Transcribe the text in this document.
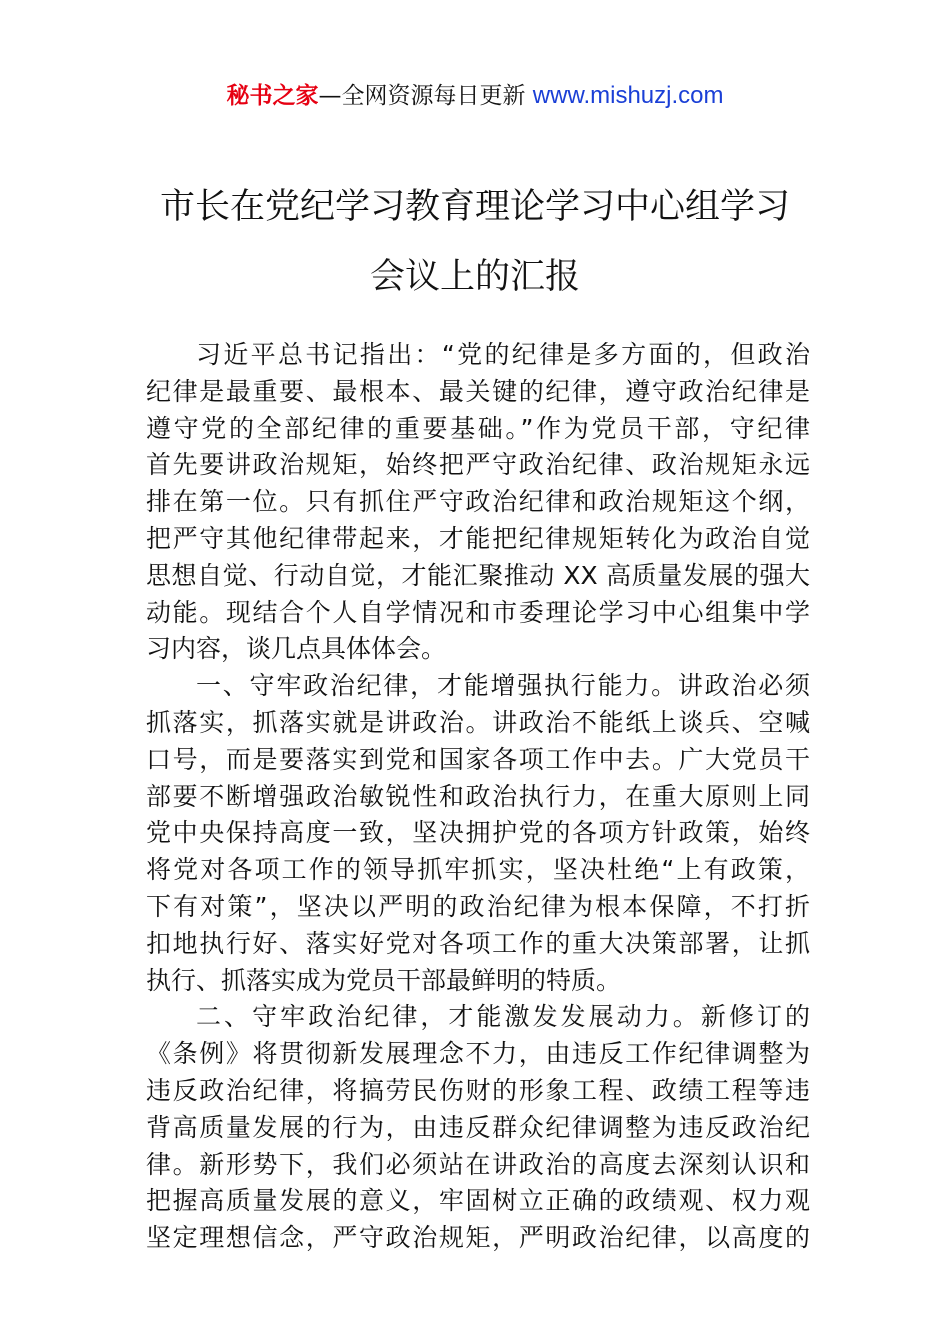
秘书之家—全网资源每日更新 www.mishuzj.com
市长在党纪学习教育理论学习中心组学习
会议上的汇报
习近平总书记指出：“党的纪律是多方面的，但政治
纪律是最重要、最根本、最关键的纪律，遵守政治纪律是
遵守党的全部纪律的重要基础。”作为党员干部，守纪律
首先要讲政治规矩，始终把严守政治纪律、政治规矩永远
排在第一位。只有抓住严守政治纪律和政治规矩这个纲，
把严守其他纪律带起来，才能把纪律规矩转化为政治自觉
思想自觉、行动自觉，才能汇聚推动 XX 高质量发展的强大
动能。现结合个人自学情况和市委理论学习中心组集中学
习内容，谈几点具体体会。
一、守牢政治纪律，才能增强执行能力。讲政治必须
抓落实，抓落实就是讲政治。讲政治不能纸上谈兵、空喊
口号，而是要落实到党和国家各项工作中去。广大党员干
部要不断增强政治敏锐性和政治执行力，在重大原则上同
党中央保持高度一致，坚决拥护党的各项方针政策，始终
将党对各项工作的领导抓牢抓实，坚决杜绝“上有政策，
下有对策”，坚决以严明的政治纪律为根本保障，不打折
扣地执行好、落实好党对各项工作的重大决策部署，让抓
执行、抓落实成为党员干部最鲜明的特质。
二、守牢政治纪律，才能激发发展动力。新修订的
《条例》将贯彻新发展理念不力，由违反工作纪律调整为
违反政治纪律，将搞劳民伤财的形象工程、政绩工程等违
背高质量发展的行为，由违反群众纪律调整为违反政治纪
律。新形势下，我们必须站在讲政治的高度去深刻认识和
把握高质量发展的意义，牢固树立正确的政绩观、权力观
坚定理想信念，严守政治规矩，严明政治纪律，以高度的
